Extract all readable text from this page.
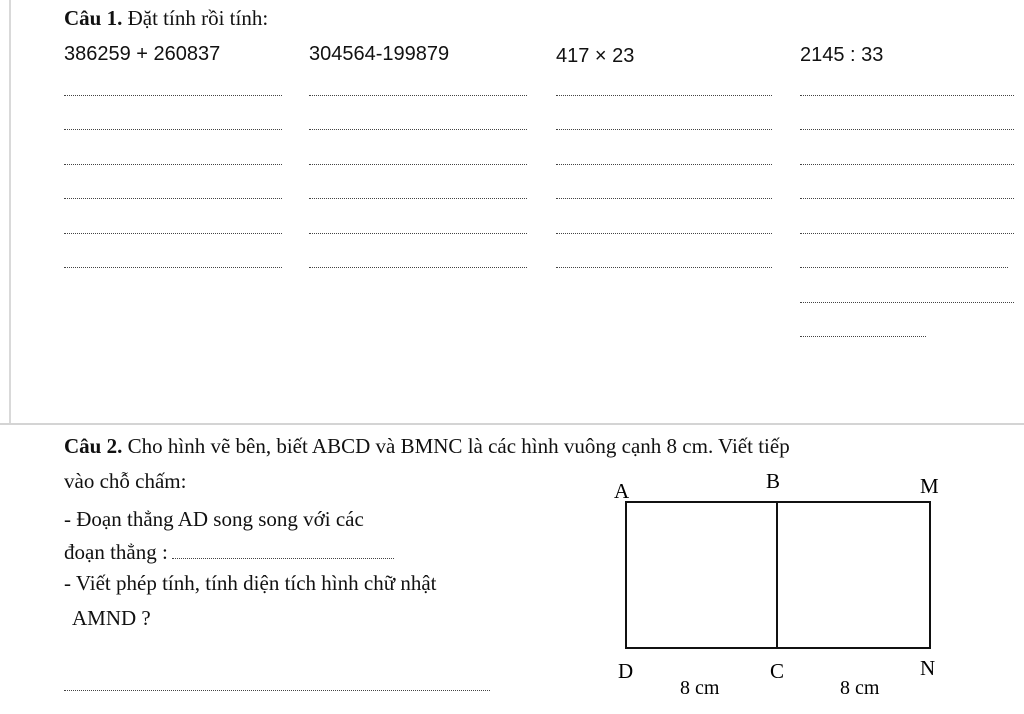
Câu 1. Đặt tính rồi tính:
386259 + 260837	304564-199879	417 × 23	2145 : 33
Câu 2. Cho hình vẽ bên, biết ABCD và BMNC là các hình vuông cạnh 8 cm. Viết tiếp
vào chỗ chấm:
- Đoạn thẳng AD song song với các
đoạn thẳng :
- Viết phép tính, tính diện tích hình chữ nhật
AMND ?
A	B	M
D	C	N
8 cm	8 cm
